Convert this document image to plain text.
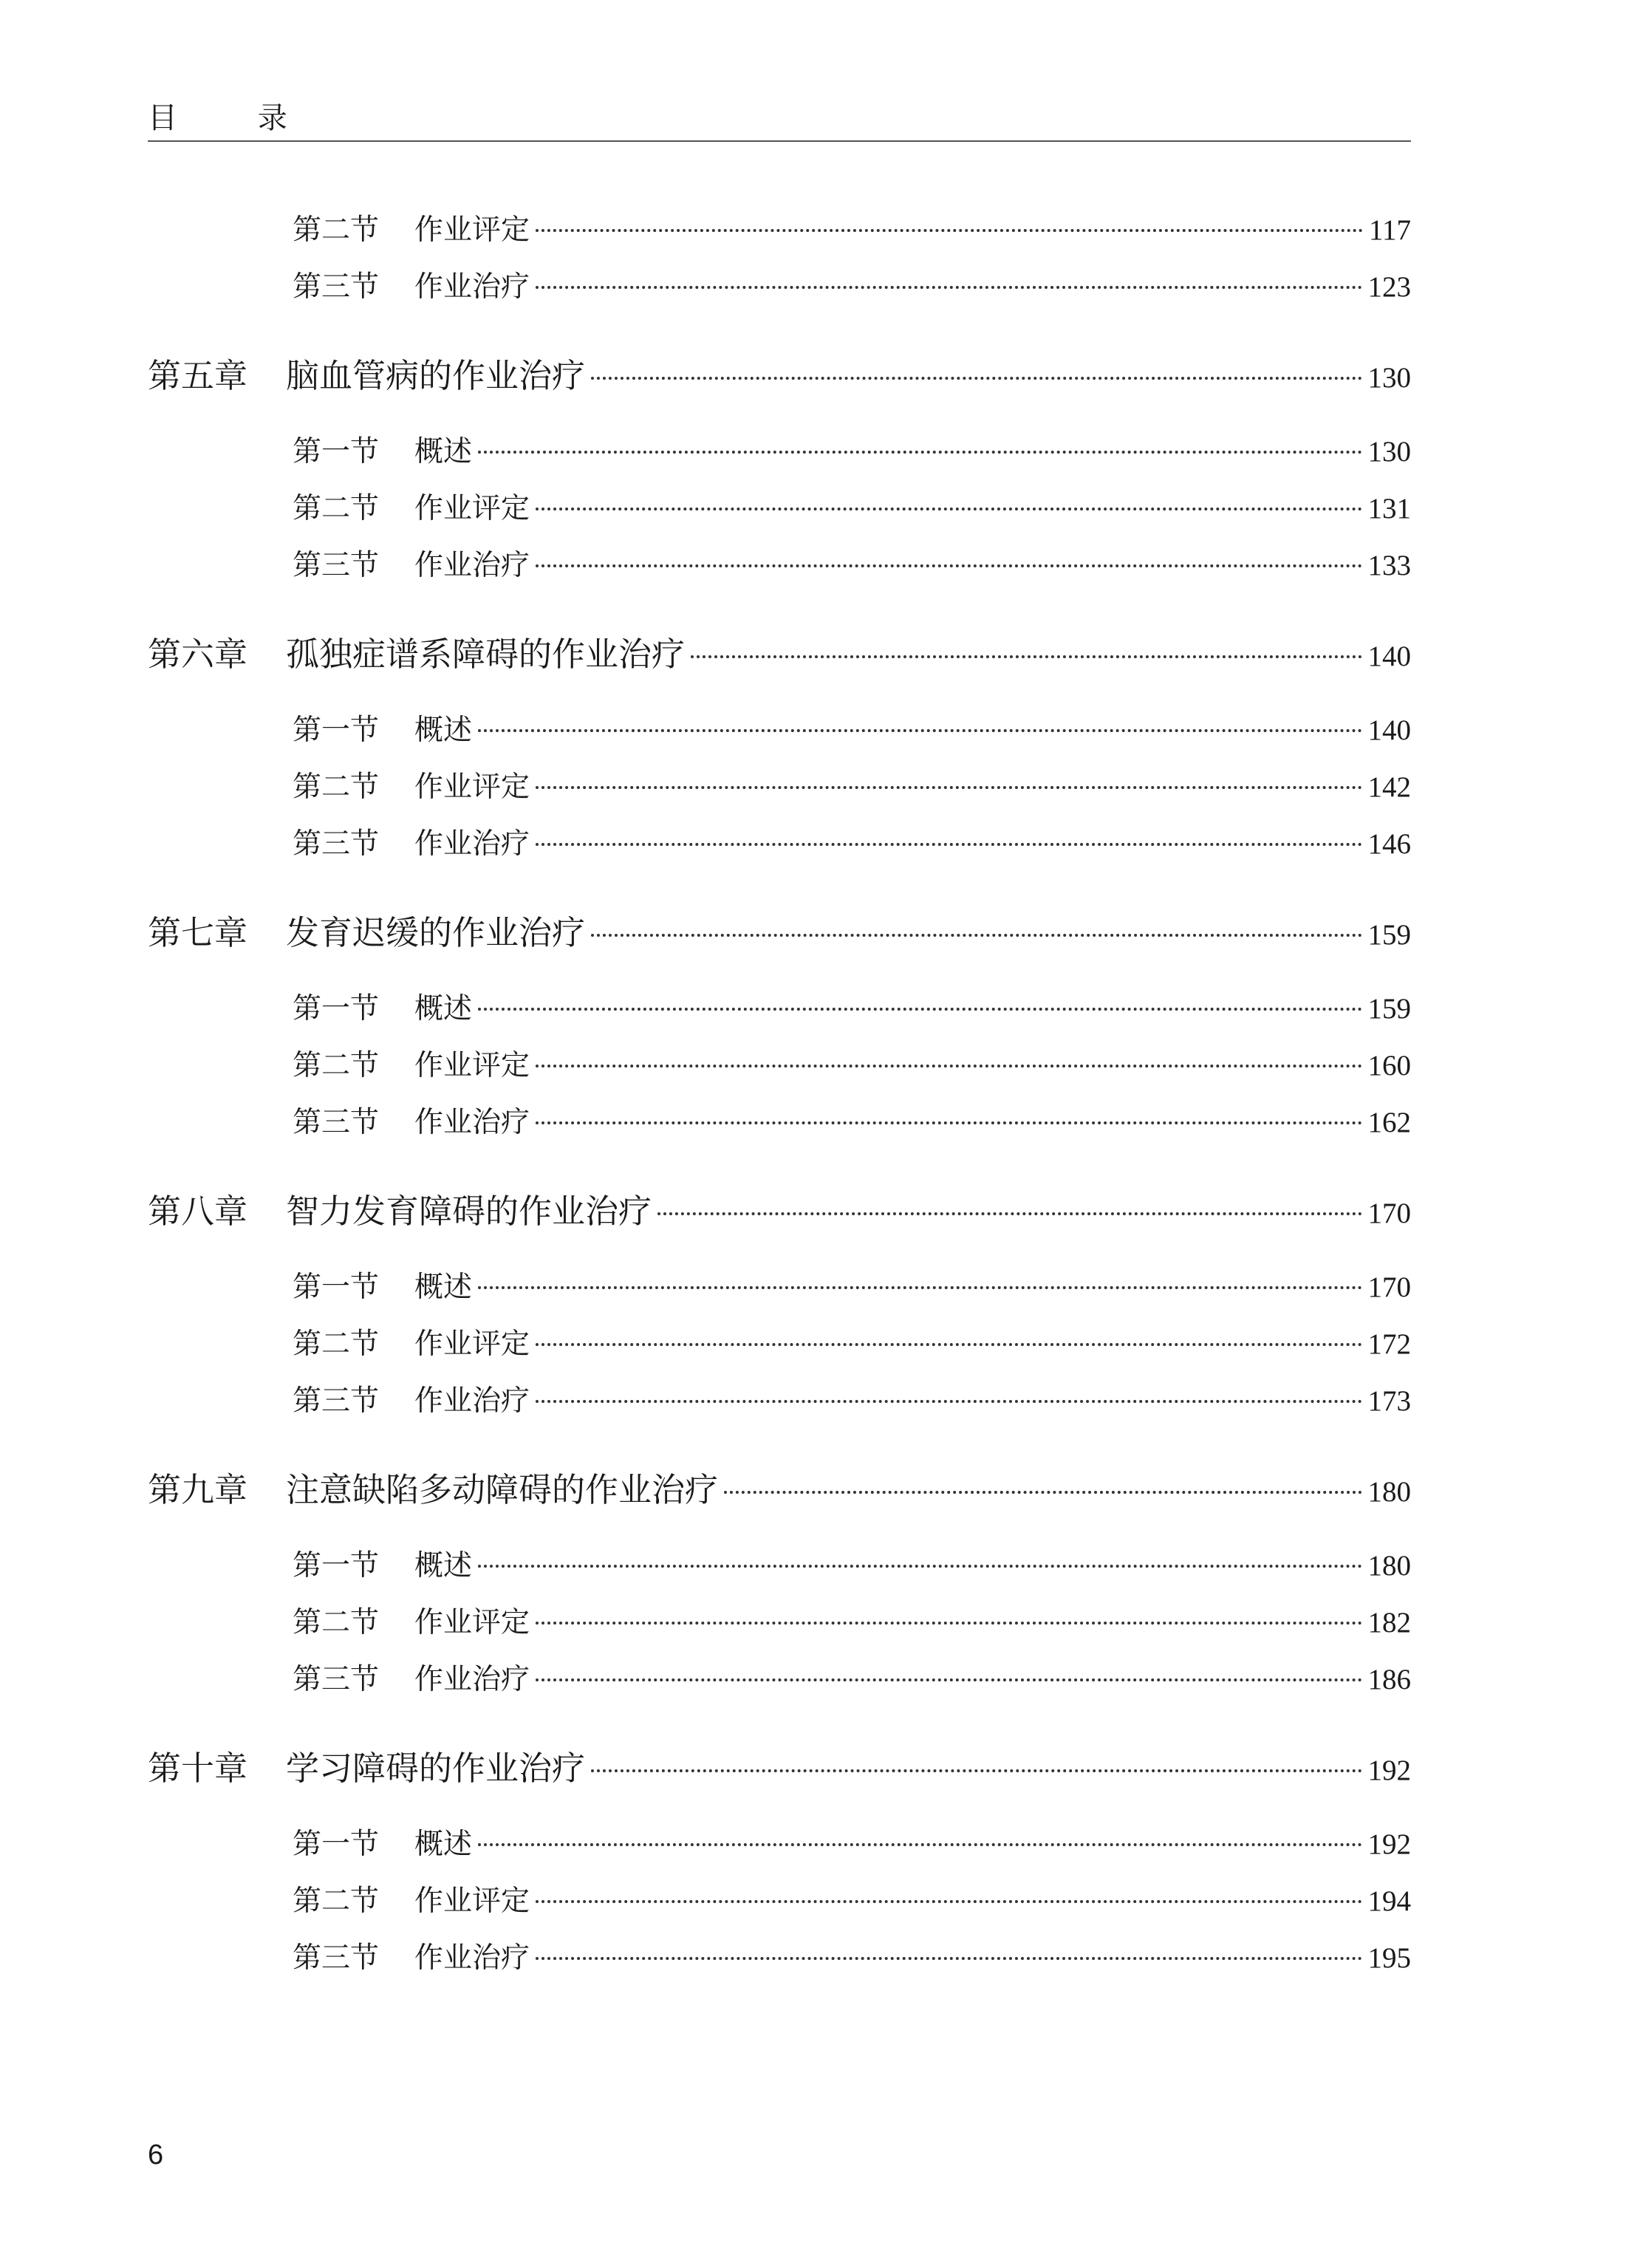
目 录
第二节 作业评定	117
第三节 作业治疗	123
第五章 脑血管病的作业治疗	130
第一节 概述	130
第二节 作业评定	131
第三节 作业治疗	133
第六章 孤独症谱系障碍的作业治疗	140
第一节 概述	140
第二节 作业评定	142
第三节 作业治疗	146
第七章 发育迟缓的作业治疗	159
第一节 概述	159
第二节 作业评定	160
第三节 作业治疗	162
第八章 智力发育障碍的作业治疗	170
第一节 概述	170
第二节 作业评定	172
第三节 作业治疗	173
第九章 注意缺陷多动障碍的作业治疗	180
第一节 概述	180
第二节 作业评定	182
第三节 作业治疗	186
第十章 学习障碍的作业治疗	192
第一节 概述	192
第二节 作业评定	194
第三节 作业治疗	195
6
